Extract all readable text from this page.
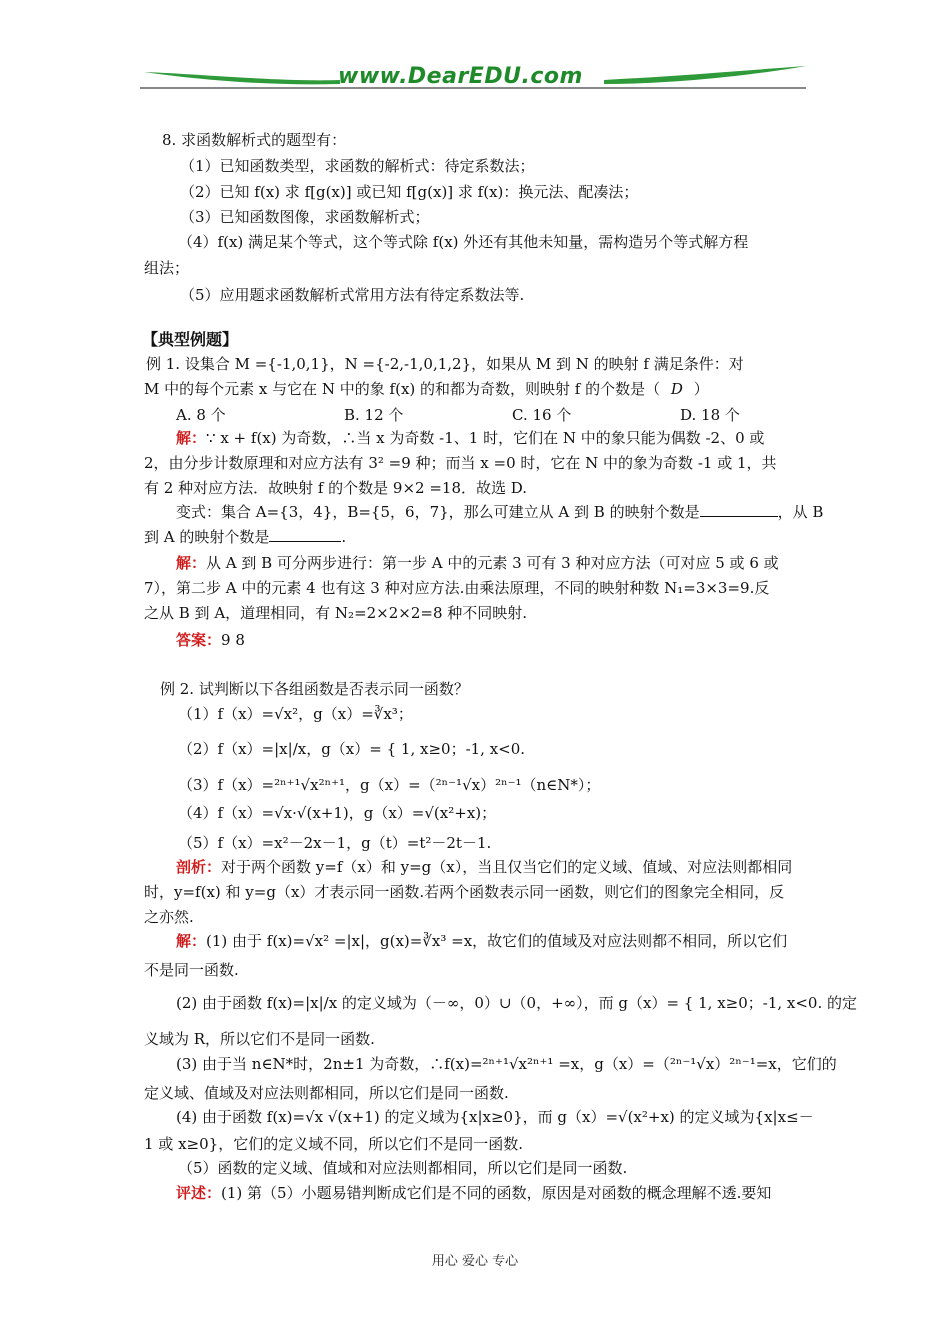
www.DearEDU.com
8. 求函数解析式的题型有：
（1）已知函数类型，求函数的解析式：待定系数法；
（2）已知 f(x) 求 f[g(x)] 或已知 f[g(x)] 求 f(x)：换元法、配凑法；
（3）已知函数图像，求函数解析式；
（4）f(x) 满足某个等式，这个等式除 f(x) 外还有其他未知量，需构造另个等式解方程
组法；
（5）应用题求函数解析式常用方法有待定系数法等.
【典型例题】
例 1. 设集合 M ={-1,0,1}，N ={-2,-1,0,1,2}，如果从 M 到 N 的映射 f 满足条件：对
M 中的每个元素 x 与它在 N 中的象 f(x) 的和都为奇数，则映射 f 的个数是（ D ）
A. 8 个	B. 12 个	C. 16 个	D. 18 个
解：∵ x + f(x) 为奇数，∴当 x 为奇数 -1、1 时，它们在 N 中的象只能为偶数 -2、0 或
2，由分步计数原理和对应方法有 3² =9 种；而当 x =0 时，它在 N 中的象为奇数 -1 或 1，共
有 2 种对应方法．故映射 f 的个数是 9×2 =18．故选 D.
变式：集合 A={3，4}，B={5，6，7}，那么可建立从 A 到 B 的映射个数是	，从 B
到 A 的映射个数是	.
解：从 A 到 B 可分两步进行：第一步 A 中的元素 3 可有 3 种对应方法（可对应 5 或 6 或
7），第二步 A 中的元素 4 也有这 3 种对应方法.由乘法原理，不同的映射种数 N₁=3×3=9.反
之从 B 到 A，道理相同，有 N₂=2×2×2=8 种不同映射.
答案：9 8
例 2. 试判断以下各组函数是否表示同一函数？
（1）f（x）=√x²，g（x）=∛x³；
（2）f（x）=|x|/x，g（x）= { 1, x≥0；-1, x<0.
（3）f（x）=²ⁿ⁺¹√x²ⁿ⁺¹，g（x）=（²ⁿ⁻¹√x）²ⁿ⁻¹（n∈N*）；
（4）f（x）=√x·√(x+1)，g（x）=√(x²+x)；
（5）f（x）=x²－2x－1，g（t）=t²－2t－1.
剖析：对于两个函数 y=f（x）和 y=g（x），当且仅当它们的定义域、值域、对应法则都相同
时，y=f(x) 和 y=g（x）才表示同一函数.若两个函数表示同一函数，则它们的图象完全相同，反
之亦然.
解：(1) 由于 f(x)=√x² =|x|，g(x)=∛x³ =x，故它们的值域及对应法则都不相同，所以它们
不是同一函数.
(2) 由于函数 f(x)=|x|/x 的定义域为（－∞，0）∪（0，+∞），而 g（x）= { 1, x≥0；-1, x<0. 的定
义域为 R，所以它们不是同一函数.
(3) 由于当 n∈N*时，2n±1 为奇数，∴f(x)=²ⁿ⁺¹√x²ⁿ⁺¹ =x，g（x）=（²ⁿ⁻¹√x）²ⁿ⁻¹=x，它们的
定义域、值域及对应法则都相同，所以它们是同一函数.
(4) 由于函数 f(x)=√x √(x+1) 的定义域为{x|x≥0}，而 g（x）=√(x²+x) 的定义域为{x|x≤－
1 或 x≥0}，它们的定义域不同，所以它们不是同一函数.
（5）函数的定义域、值域和对应法则都相同，所以它们是同一函数.
评述：(1) 第（5）小题易错判断成它们是不同的函数，原因是对函数的概念理解不透.要知
用心 爱心 专心
